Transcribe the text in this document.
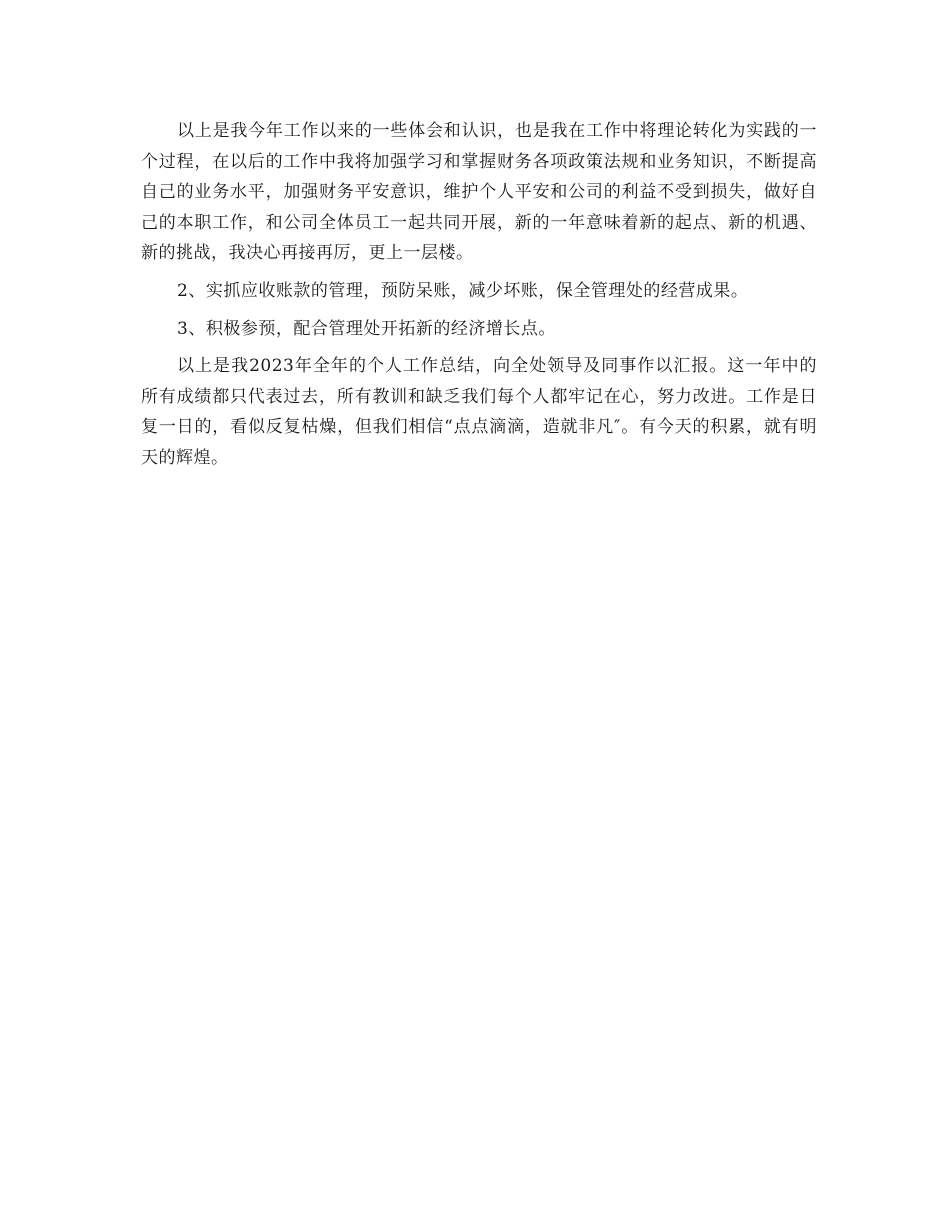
以上是我今年工作以来的一些体会和认识，也是我在工作中将理论转化为实践的一个过程，在以后的工作中我将加强学习和掌握财务各项政策法规和业务知识，不断提高自己的业务水平，加强财务平安意识，维护个人平安和公司的利益不受到损失，做好自己的本职工作，和公司全体员工一起共同开展，新的一年意味着新的起点、新的机遇、新的挑战，我决心再接再厉，更上一层楼。

2、实抓应收账款的管理，预防呆账，减少坏账，保全管理处的经营成果。

3、积极参预，配合管理处开拓新的经济增长点。

以上是我2023年全年的个人工作总结，向全处领导及同事作以汇报。这一年中的所有成绩都只代表过去，所有教训和缺乏我们每个人都牢记在心，努力改进。工作是日复一日的，看似反复枯燥，但我们相信“点点滴滴，造就非凡″。有今天的积累，就有明天的辉煌。
